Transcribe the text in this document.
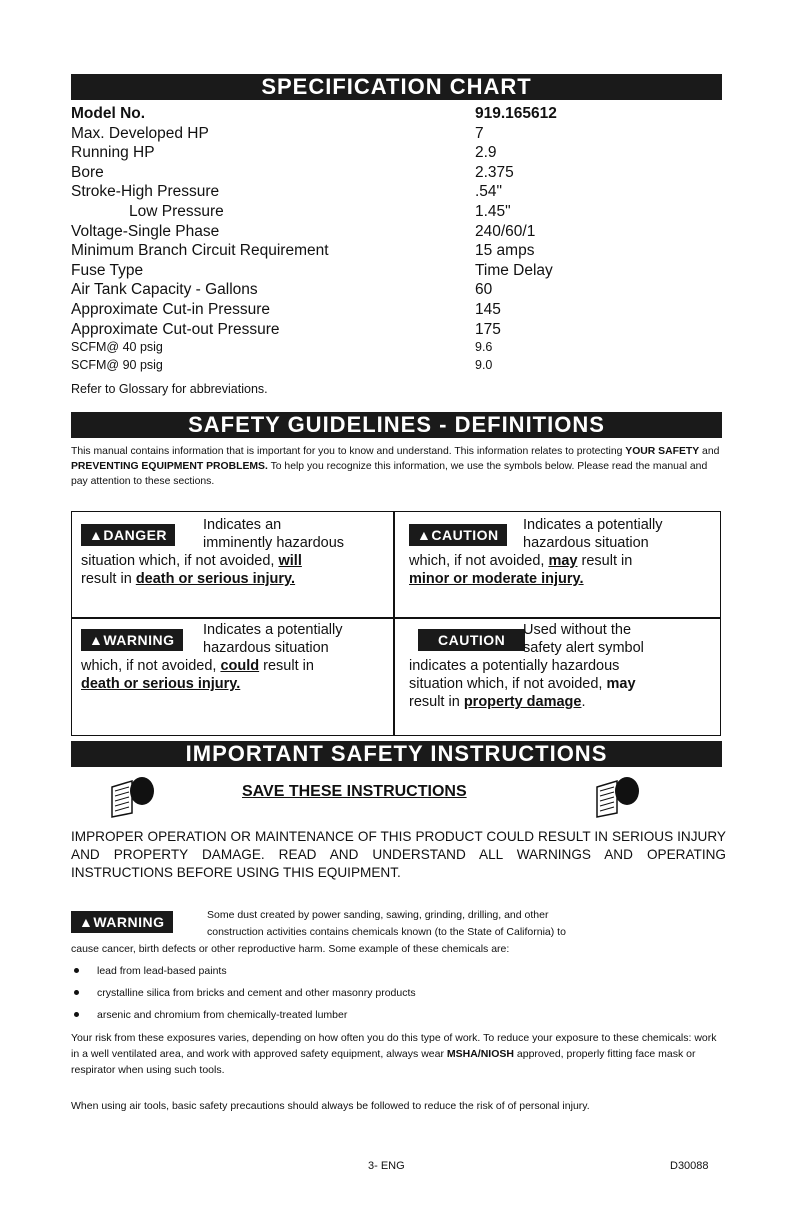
SPECIFICATION CHART
Model No.	919.165612
Max. Developed HP	7
Running HP	2.9
Bore	2.375
Stroke-High Pressure	.54"
Low Pressure	1.45"
Voltage-Single Phase	240/60/1
Minimum Branch Circuit Requirement	15 amps
Fuse Type	Time Delay
Air Tank Capacity - Gallons	60
Approximate Cut-in Pressure	145
Approximate Cut-out Pressure	175
SCFM@ 40 psig	9.6
SCFM@ 90 psig	9.0
Refer to Glossary for abbreviations.
SAFETY GUIDELINES - DEFINITIONS
This manual contains information that is important for you to know and understand. This information relates to protecting YOUR SAFETY and PREVENTING EQUIPMENT PROBLEMS. To help you recognize this information, we use the symbols below. Please read the manual and pay attention to these sections.
▲DANGER
Indicates an
imminently hazardous
situation which, if not avoided, will
result in death or serious injury.
▲CAUTION
Indicates a potentially
hazardous situation
which, if not avoided, may result in
minor or moderate injury.
▲WARNING
Indicates a potentially
hazardous situation
which, if not avoided, could result in
death or serious injury.
CAUTION
Used without the
safety alert symbol
indicates a potentially hazardous
situation which, if not avoided, may
result in property damage.
IMPORTANT SAFETY INSTRUCTIONS
SAVE THESE INSTRUCTIONS
IMPROPER OPERATION OR MAINTENANCE OF THIS PRODUCT COULD RESULT IN SERIOUS INJURY AND PROPERTY DAMAGE. READ AND UNDERSTAND ALL WARNINGS AND OPERATING INSTRUCTIONS BEFORE USING THIS EQUIPMENT.
▲WARNING	Some dust created by power sanding, sawing, grinding, drilling, and other
construction activities contains chemicals known (to the State of California) to
cause cancer, birth defects or other reproductive harm. Some example of these chemicals are:
lead from lead-based paints
crystalline silica from bricks and cement and other masonry products
arsenic and chromium from chemically-treated lumber
Your risk from these exposures varies, depending on how often you do this type of work. To reduce your exposure to these chemicals: work in a well ventilated area, and work with approved safety equipment, always wear MSHA/NIOSH approved, properly fitting face mask or respirator when using such tools.
When using air tools, basic safety precautions should always be followed to reduce the risk of of personal injury.
3- ENG	D30088
